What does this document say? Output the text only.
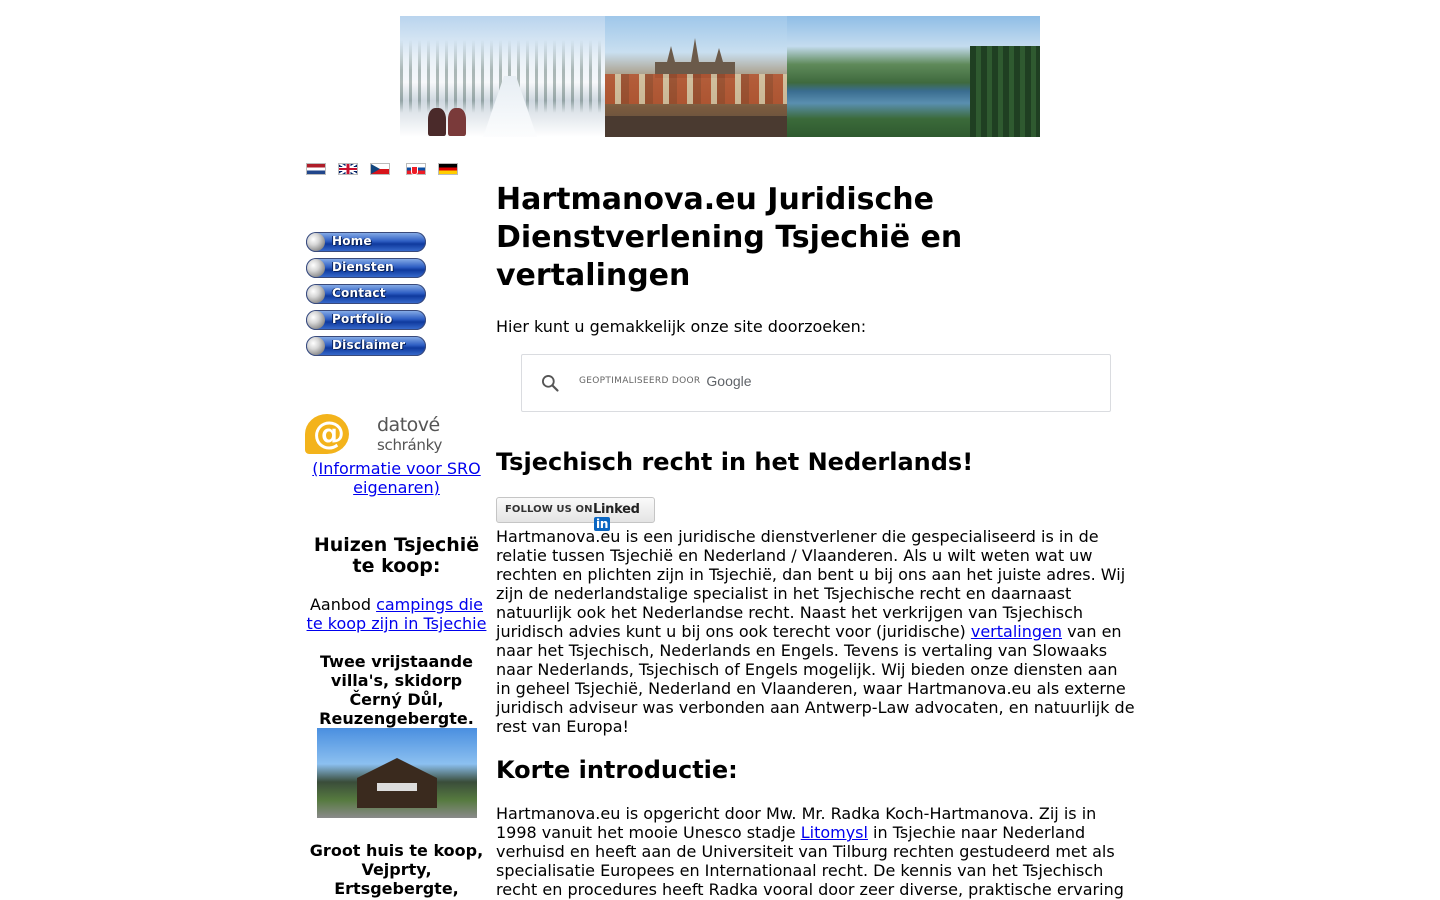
Home
Diensten
Contact
Portfolio
Disclaimer
@ datové
schránky
(Informatie voor SRO eigenaren)
Huizen Tsjechië te koop:
Aanbod campings die te koop zijn in Tsjechie
Twee vrijstaande villa's, skidorp Černý Důl, Reuzengebergte.
Groot huis te koop, Vejprty, Ertsgebergte,
Hartmanova.eu Juridische Dienstverlening Tsjechië en vertalingen

Hier kunt u gemakkelijk onze site doorzoeken:

GEOPTIMALISEERD DOOR Google
Tsjechisch recht in het Nederlands!
FOLLOW US ON Linkedin

Hartmanova.eu is een juridische dienstverlener die gespecialiseerd is in de relatie tussen Tsjechië en Nederland / Vlaanderen. Als u wilt weten wat uw rechten en plichten zijn in Tsjechië, dan bent u bij ons aan het juiste adres. Wij zijn de nederlandstalige specialist in het Tsjechische recht en daarnaast natuurlijk ook het Nederlandse recht. Naast het verkrijgen van Tsjechisch juridisch advies kunt u bij ons ook terecht voor (juridische) vertalingen van en naar het Tsjechisch, Nederlands en Engels. Tevens is vertaling van Slowaaks naar Nederlands, Tsjechisch of Engels mogelijk. Wij bieden onze diensten aan in geheel Tsjechië, Nederland en Vlaanderen, waar Hartmanova.eu als externe juridisch adviseur was verbonden aan Antwerp-Law advocaten, en natuurlijk de rest van Europa!

Korte introductie:

Hartmanova.eu is opgericht door Mw. Mr. Radka Koch-Hartmanova. Zij is in 1998 vanuit het mooie Unesco stadje Litomysl in Tsjechie naar Nederland verhuisd en heeft aan de Universiteit van Tilburg rechten gestudeerd met als specialisatie Europees en Internationaal recht. De kennis van het Tsjechisch recht en procedures heeft Radka vooral door zeer diverse, praktische ervaring
